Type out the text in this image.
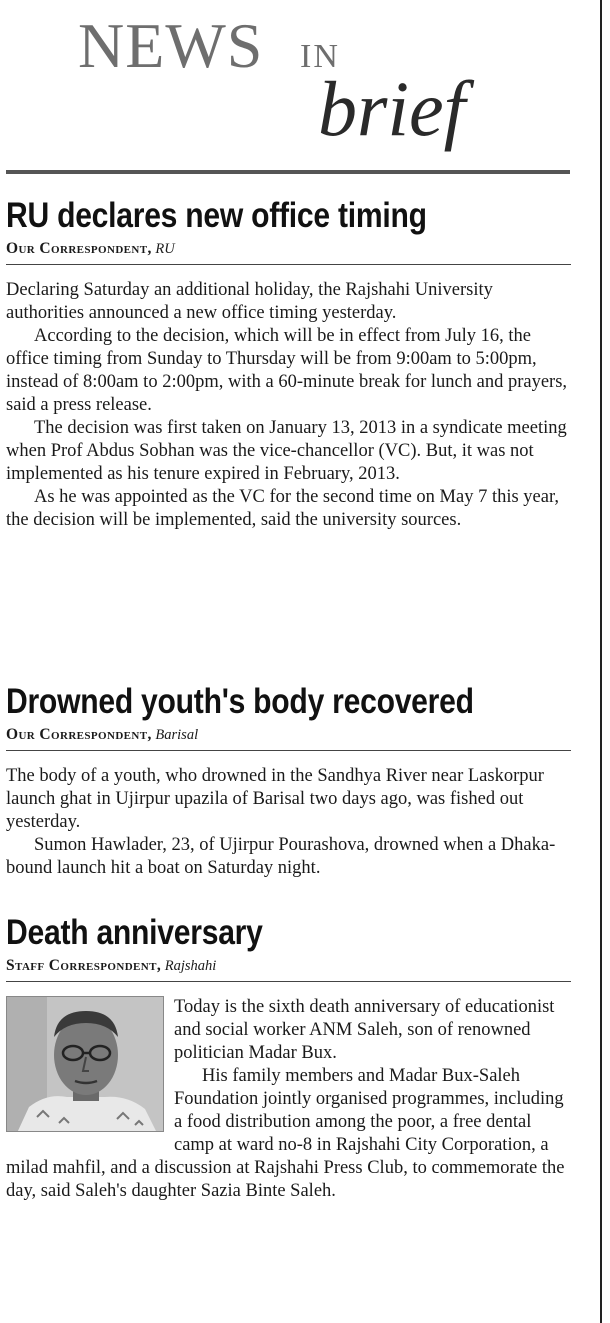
NEWS IN
brief
RU declares new office timing
Our Correspondent, RU

Declaring Saturday an additional holiday, the Rajshahi University authorities announced a new office timing yesterday.

According to the decision, which will be in effect from July 16, the office timing from Sunday to Thursday will be from 9:00am to 5:00pm, instead of 8:00am to 2:00pm, with a 60-minute break for lunch and prayers, said a press release.

The decision was first taken on January 13, 2013 in a syndicate meeting when Prof Abdus Sobhan was the vice-chancellor (VC). But, it was not implemented as his tenure expired in February, 2013.

As he was appointed as the VC for the second time on May 7 this year, the decision will be implemented, said the university sources.

Drowned youth's body recovered
Our Correspondent, Barisal

The body of a youth, who drowned in the Sandhya River near Laskorpur launch ghat in Ujirpur upazila of Barisal two days ago, was fished out yesterday.

Sumon Hawlader, 23, of Ujirpur Pourashova, drowned when a Dhaka-bound launch hit a boat on Saturday night.

Death anniversary
Staff Correspondent, Rajshahi

Today is the sixth death anniversary of educationist and social worker ANM Saleh, son of renowned politician Madar Bux.

His family members and Madar Bux-Saleh Foundation jointly organised programmes, including a food distribution among the poor, a free dental camp at ward no-8 in Rajshahi City Corporation, a milad mahfil, and a discussion at Rajshahi Press Club, to commemorate the day, said Saleh's daughter Sazia Binte Saleh.
